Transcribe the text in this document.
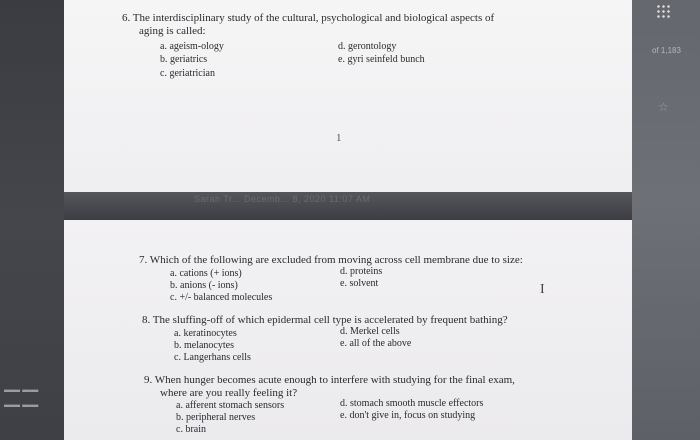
▬▬ ▬▬
▬▬ ▬▬
of 1,183
☆
6. The interdisciplinary study of the cultural, psychological and biological aspects of
aging is called:
a. ageism-ology
b. geriatrics
c. geriatrician
d. gerontology
e. gyri seinfeld bunch
1
Sarah Tr... Decemb... 8, 2020 11:07 AM
7. Which of the following are excluded from moving across cell membrane due to size:
a. cations (+ ions)
b. anions (- ions)
c. +/- balanced molecules
d. proteins
e. solvent
8. The sluffing-off of which epidermal cell type is accelerated by frequent bathing?
a. keratinocytes
b. melanocytes
c. Langerhans cells
d. Merkel cells
e. all of the above
9. When hunger becomes acute enough to interfere with studying for the final exam,
where are you really feeling it?
a. afferent stomach sensors
b. peripheral nerves
c. brain
d. stomach smooth muscle effectors
e. don't give in, focus on studying
I
